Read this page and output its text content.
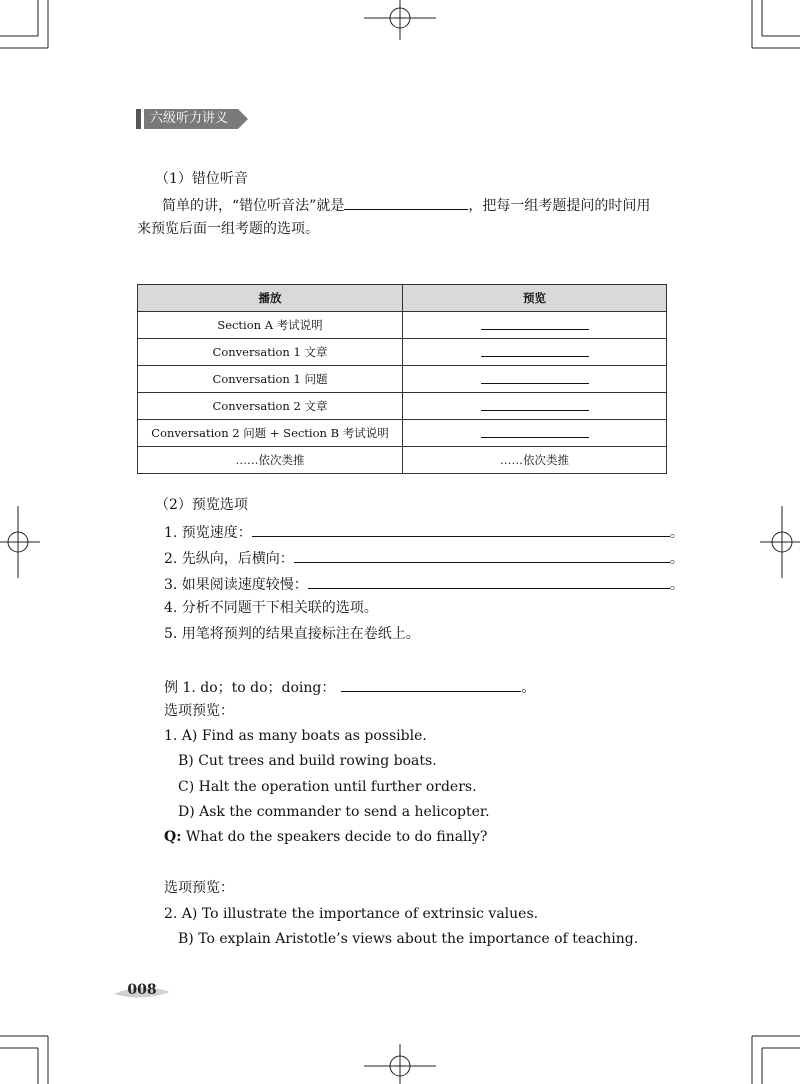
六级听力讲义
（1）错位听音
简单的讲，“错位听音法”就是	，把每一组考题提问的时间用
来预览后面一组考题的选项。
播放	预览
Section A 考试说明	
Conversation 1 文章	
Conversation 1 问题	
Conversation 2 文章	
Conversation 2 问题 + Section B 考试说明	
……依次类推	……依次类推
（2）预览选项
1. 预览速度：	。
2. 先纵向，后横向：	。
3. 如果阅读速度较慢：	。
4. 分析不同题干下相关联的选项。
5. 用笔将预判的结果直接标注在卷纸上。
例 1. do；to do；doing：	。
选项预览：
1. A) Find as many boats as possible.
B) Cut trees and build rowing boats.
C) Halt the operation until further orders.
D) Ask the commander to send a helicopter.
Q: What do the speakers decide to do finally?
选项预览：
2. A) To illustrate the importance of extrinsic values.
B) To explain Aristotle’s views about the importance of teaching.
008
